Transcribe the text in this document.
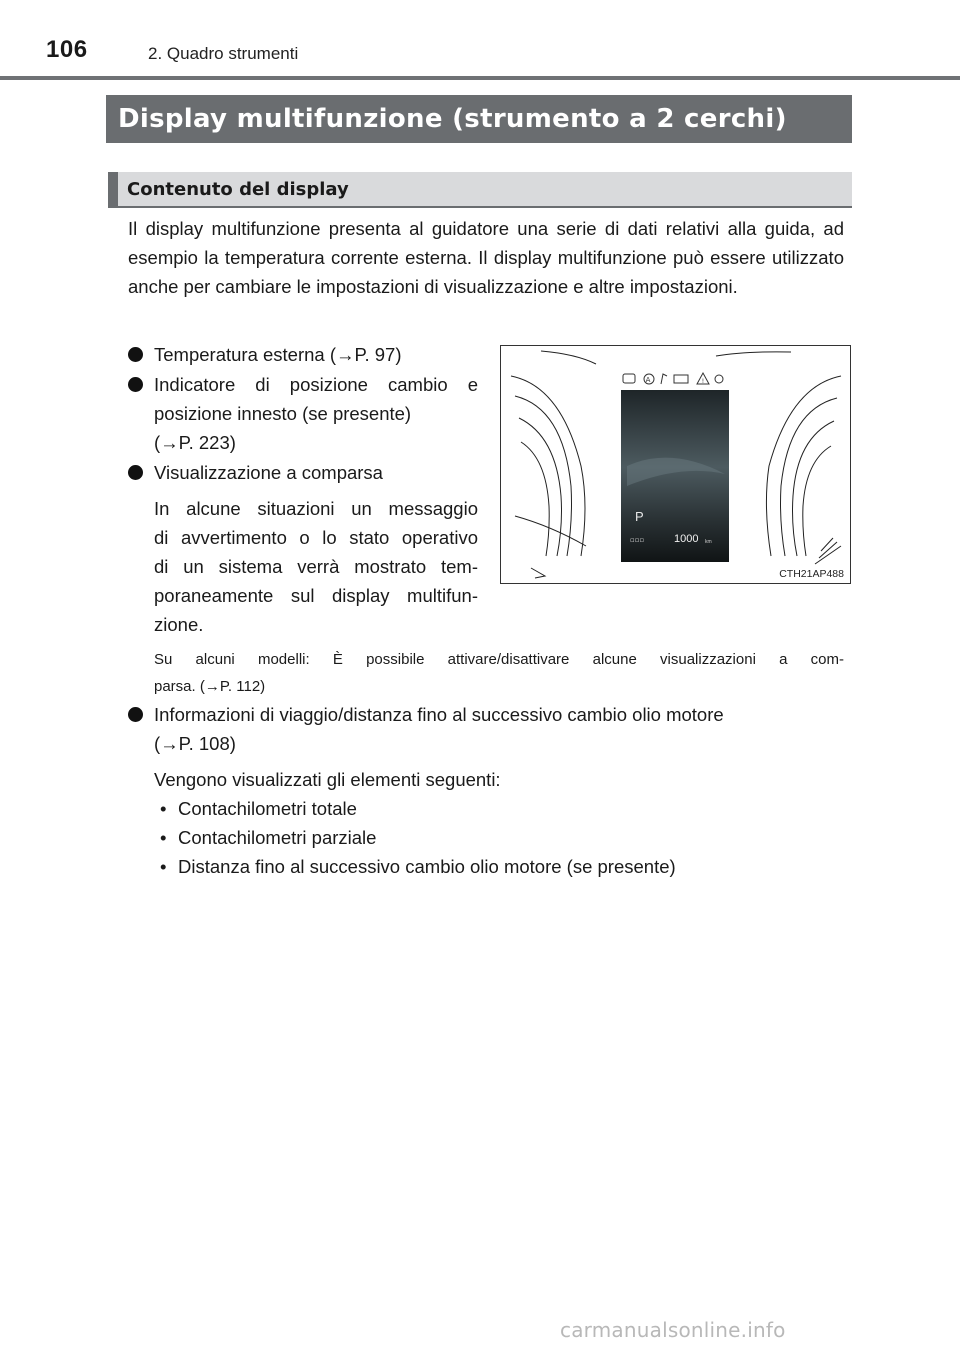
106	2. Quadro strumenti
Display multifunzione (strumento a 2 cerchi)
Contenuto del display
Il display multifunzione presenta al guidatore una serie di dati relativi alla guida, ad esempio la temperatura corrente esterna. Il display multifunzione può essere utilizzato anche per cambiare le impostazioni di visualizzazione e altre impostazioni.
Temperatura esterna (→P. 97)
Indicatore di posizione cambio e
posizione innesto (se presente)
(→P. 223)
Visualizzazione a comparsa
In alcune situazioni un messaggio
di avvertimento o lo stato operativo
di un sistema verrà mostrato tem-
poraneamente sul display multifun-
zione.
Su alcuni modelli: È possibile attivare/disattivare alcune visualizzazioni a com-
parsa. (→P. 112)
Informazioni di viaggio/distanza fino al successivo cambio olio motore
(→P. 108)
Vengono visualizzati gli elementi seguenti:
• Contachilometri totale
• Contachilometri parziale
• Distanza fino al successivo cambio olio motore (se presente)
A	!
P
▫▫▫	1000 km
CTH21AP488
carmanualsonline.info
